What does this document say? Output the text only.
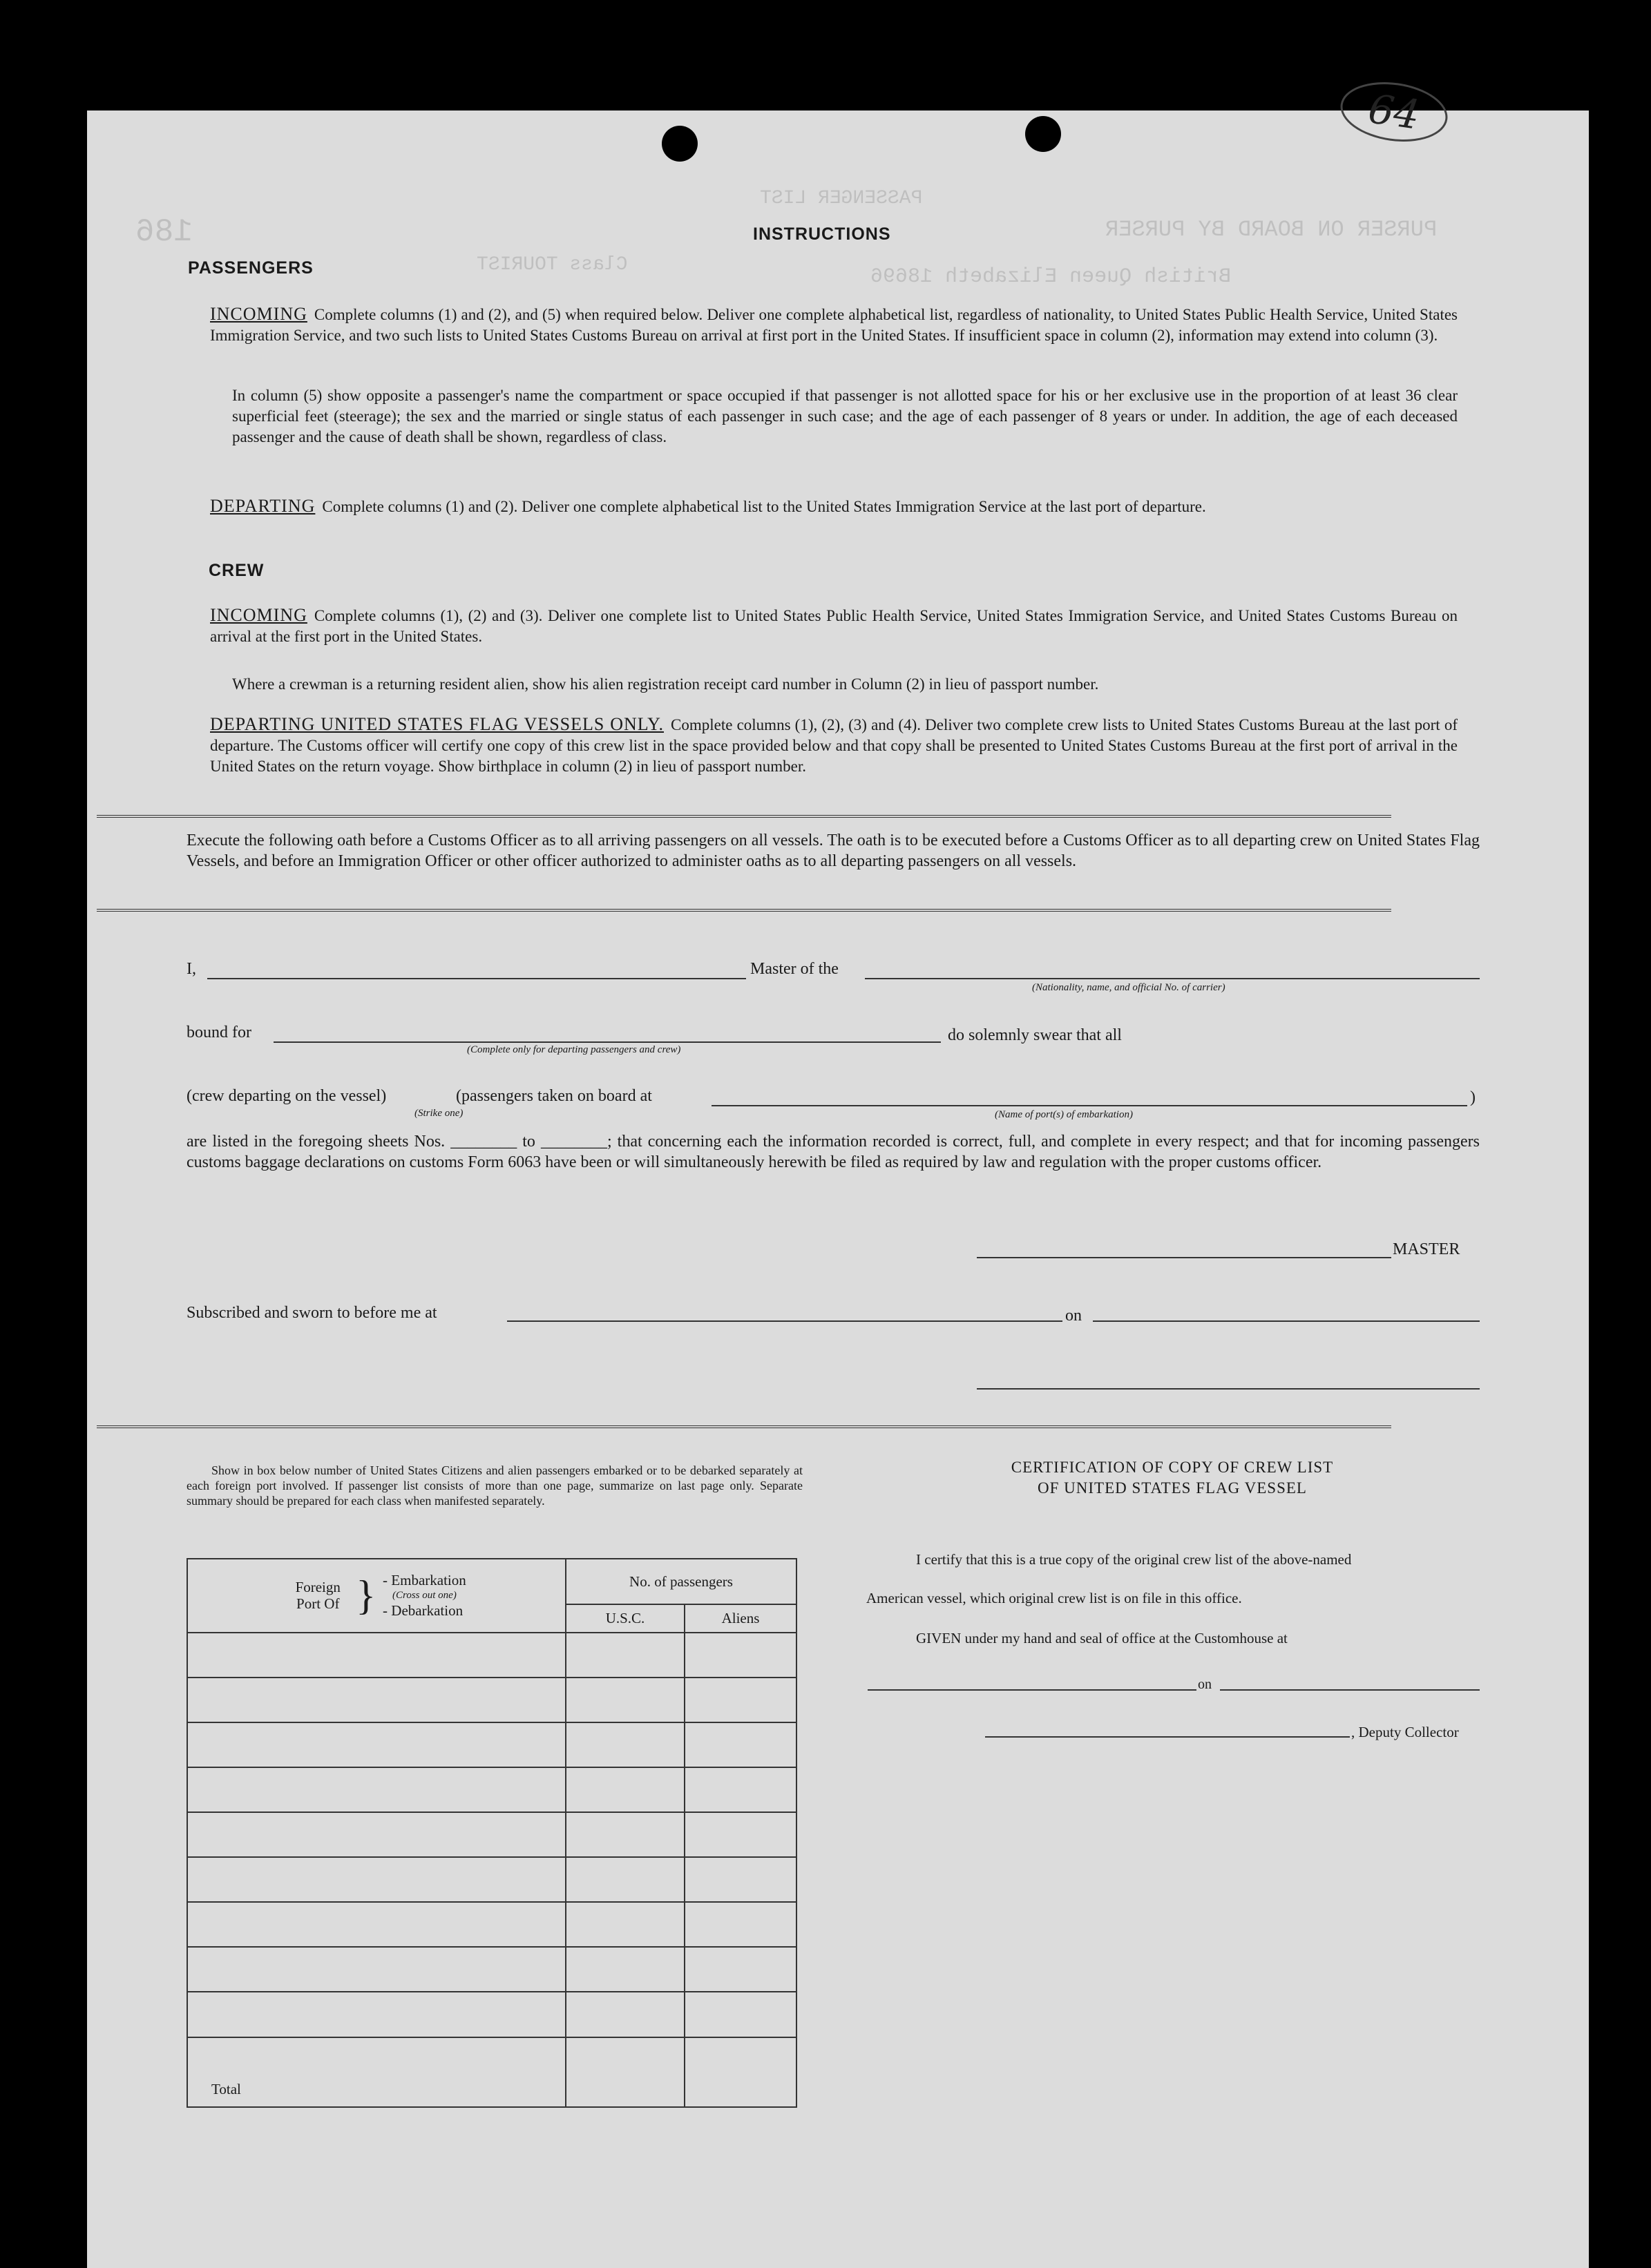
186
PASSENGER LIST
PURSER ON BOARD BY PURSER
British Queen Elizabeth 18696
Class TOURIST
64
INSTRUCTIONS
PASSENGERS
INCOMING Complete columns (1) and (2), and (5) when required below. Deliver one complete alphabetical list, regardless of nationality, to United States Public Health Service, United States Immigration Service, and two such lists to United States Customs Bureau on arrival at first port in the United States. If insufficient space in column (2), information may extend into column (3).
In column (5) show opposite a passenger's name the compartment or space occupied if that passenger is not allotted space for his or her exclusive use in the proportion of at least 36 clear superficial feet (steerage); the sex and the married or single status of each passenger in such case; and the age of each passenger of 8 years or under. In addition, the age of each deceased passenger and the cause of death shall be shown, regardless of class.
DEPARTING Complete columns (1) and (2). Deliver one complete alphabetical list to the United States Immigration Service at the last port of departure.
CREW
INCOMING Complete columns (1), (2) and (3). Deliver one complete list to United States Public Health Service, United States Immigration Service, and United States Customs Bureau on arrival at the first port in the United States.
Where a crewman is a returning resident alien, show his alien registration receipt card number in Column (2) in lieu of passport number.
DEPARTING UNITED STATES FLAG VESSELS ONLY. Complete columns (1), (2), (3) and (4). Deliver two complete crew lists to United States Customs Bureau at the last port of departure. The Customs officer will certify one copy of this crew list in the space provided below and that copy shall be presented to United States Customs Bureau at the first port of arrival in the United States on the return voyage. Show birthplace in column (2) in lieu of passport number.
Execute the following oath before a Customs Officer as to all arriving passengers on all vessels. The oath is to be executed before a Customs Officer as to all departing crew on United States Flag Vessels, and before an Immigration Officer or other officer authorized to administer oaths as to all departing passengers on all vessels.
I,	Master of the
(Nationality, name, and official No. of carrier)
bound for	do solemnly swear that all
(Complete only for departing passengers and crew)
(crew departing on the vessel)	(passengers taken on board at	)
(Strike one)	(Name of port(s) of embarkation)
are listed in the foregoing sheets Nos. ________ to ________; that concerning each the information recorded is correct, full, and complete in every respect; and that for incoming passengers customs baggage declarations on customs Form 6063 have been or will simultaneously herewith be filed as required by law and regulation with the proper customs officer.
MASTER
Subscribed and sworn to before me at	on
Show in box below number of United States Citizens and alien passengers embarked or to be debarked separately at each foreign port involved. If passenger list consists of more than one page, summarize on last page only. Separate summary should be prepared for each class when manifested separately.
Foreign Port Of } - Embarkation
(Cross out one)
- Debarkation	No. of passengers	
	U.S.C.	Aliens

Total		
CERTIFICATION OF COPY OF CREW LIST
OF UNITED STATES FLAG VESSEL
I certify that this is a true copy of the original crew list of the above-named
American vessel, which original crew list is on file in this office.
GIVEN under my hand and seal of office at the Customhouse at
on
, Deputy Collector
